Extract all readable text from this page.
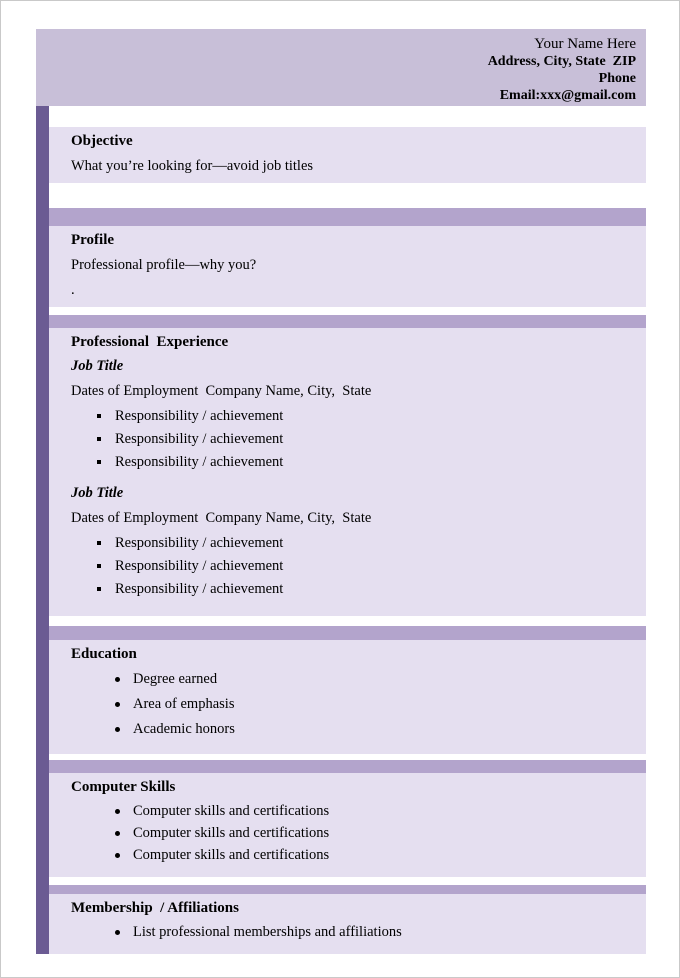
Your Name Here
Address, City, State  ZIP
Phone
Email:xxx@gmail.com
Objective
What you’re looking for—avoid job titles
Profile
Professional profile—why you?
.
Professional  Experience
Job Title
Dates of Employment  Company Name, City,  State
Responsibility / achievement
Responsibility / achievement
Responsibility / achievement
Job Title
Dates of Employment  Company Name, City,  State
Responsibility / achievement
Responsibility / achievement
Responsibility / achievement
Education
Degree earned
Area of emphasis
Academic honors
Computer Skills
Computer skills and certifications
Computer skills and certifications
Computer skills and certifications
Membership  / Affiliations
List professional memberships and affiliations
